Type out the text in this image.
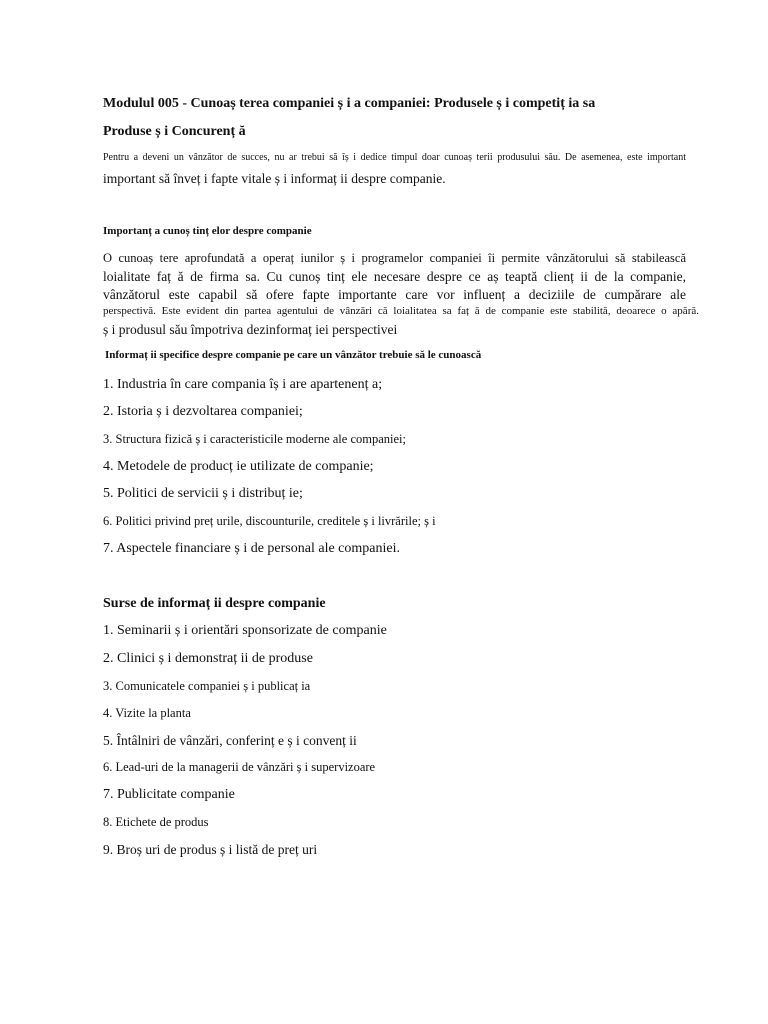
Modulul 005 - Cunoaș terea companiei ș i a companiei: Produsele ș i competiț ia sa

Produse ș i Concurenț ă

Pentru a deveni un vânzător de succes, nu ar trebui să îș i dedice timpul doar cunoaș terii produsului său. De asemenea, este important

important să înveț i fapte vitale ș i informaț ii despre companie.

Importanț a cunoș tinț elor despre companie

O cunoaș tere aprofundată a operaț iunilor ș i programelor companiei îi permite vânzătorului să stabilească

loialitate faț ă de firma sa. Cu cunoș tinț ele necesare despre ce aș teaptă clienț ii de la companie,

vânzătorul este capabil să ofere fapte importante care vor influenț a deciziile de cumpărare ale

perspectivă. Este evident din partea agentului de vânzări că loialitatea sa faț ă de companie este stabilită, deoarece o apără.

ș i produsul său împotriva dezinformaț iei perspectivei

Informaț ii specifice despre companie pe care un vânzător trebuie să le cunoască

1. Industria în care compania îș i are apartenenț a;

2. Istoria ș i dezvoltarea companiei;

3. Structura fizică ș i caracteristicile moderne ale companiei;

4. Metodele de producț ie utilizate de companie;

5. Politici de servicii ș i distribuț ie;

6. Politici privind preț urile, discounturile, creditele ș i livrările; ș i

7. Aspectele financiare ș i de personal ale companiei.

Surse de informaț ii despre companie

1. Seminarii ș i orientări sponsorizate de companie

2. Clinici ș i demonstraț ii de produse

3. Comunicatele companiei ș i publicaț ia

4. Vizite la planta

5. Întâlniri de vânzări, conferinț e ș i convenț ii

6. Lead-uri de la managerii de vânzări ș i supervizoare

7. Publicitate companie

8. Etichete de produs

9. Broș uri de produs ș i listă de preț uri
